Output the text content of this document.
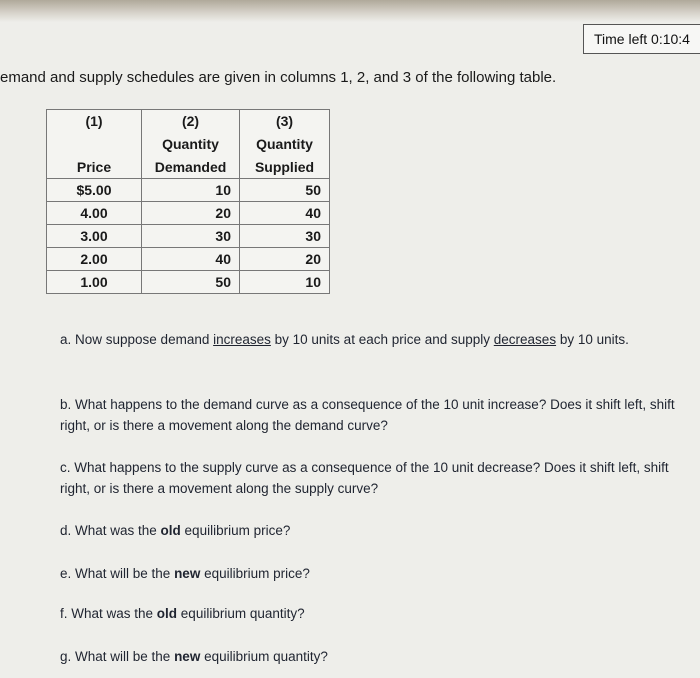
Time left 0:10:4
emand and supply schedules are given in columns 1, 2, and 3 of the following table.
(1)	(2)	(3)
	Quantity	Quantity
Price	Demanded	Supplied
$5.00	10	50
4.00	20	40
3.00	30	30
2.00	40	20
1.00	50	10
a. Now suppose demand increases by 10 units at each price and supply decreases by 10 units.
b. What happens to the demand curve as a consequence of the 10 unit increase? Does it shift left, shift right, or is there a movement along the demand curve?
c. What happens to the supply curve as a consequence of the 10 unit decrease? Does it shift left, shift right, or is there a movement along the supply curve?
d. What was the old equilibrium price?
e. What will be the new equilibrium price?
f. What was the old equilibrium quantity?
g. What will be the new equilibrium quantity?
